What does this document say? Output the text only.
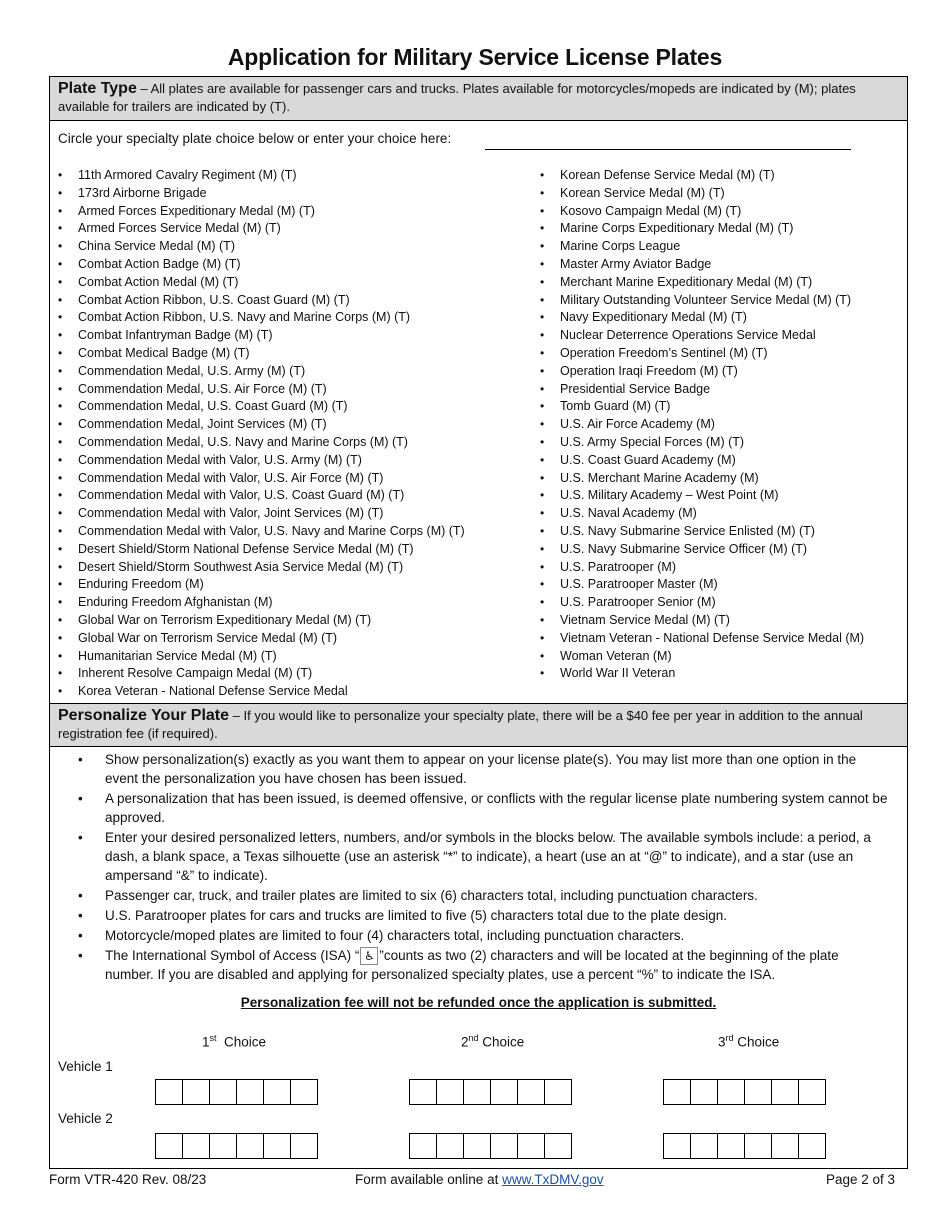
Application for Military Service License Plates
Plate Type – All plates are available for passenger cars and trucks. Plates available for motorcycles/mopeds are indicated by (M); plates available for trailers are indicated by (T).
Circle your specialty plate choice below or enter your choice here:
• 11th Armored Cavalry Regiment (M) (T)
• 173rd Airborne Brigade
• Armed Forces Expeditionary Medal (M) (T)
• Armed Forces Service Medal (M) (T)
• China Service Medal (M) (T)
• Combat Action Badge (M) (T)
• Combat Action Medal (M) (T)
• Combat Action Ribbon, U.S. Coast Guard (M) (T)
• Combat Action Ribbon, U.S. Navy and Marine Corps (M) (T)
• Combat Infantryman Badge (M) (T)
• Combat Medical Badge (M) (T)
• Commendation Medal, U.S. Army (M) (T)
• Commendation Medal, U.S. Air Force (M) (T)
• Commendation Medal, U.S. Coast Guard (M) (T)
• Commendation Medal, Joint Services (M) (T)
• Commendation Medal, U.S. Navy and Marine Corps (M) (T)
• Commendation Medal with Valor, U.S. Army (M) (T)
• Commendation Medal with Valor, U.S. Air Force (M) (T)
• Commendation Medal with Valor, U.S. Coast Guard (M) (T)
• Commendation Medal with Valor, Joint Services (M) (T)
• Commendation Medal with Valor, U.S. Navy and Marine Corps (M) (T)
• Desert Shield/Storm National Defense Service Medal (M) (T)
• Desert Shield/Storm Southwest Asia Service Medal (M) (T)
• Enduring Freedom (M)
• Enduring Freedom Afghanistan (M)
• Global War on Terrorism Expeditionary Medal (M) (T)
• Global War on Terrorism Service Medal (M) (T)
• Humanitarian Service Medal (M) (T)
• Inherent Resolve Campaign Medal (M) (T)
• Korea Veteran - National Defense Service Medal
• Korean Defense Service Medal (M) (T)
• Korean Service Medal (M) (T)
• Kosovo Campaign Medal (M) (T)
• Marine Corps Expeditionary Medal (M) (T)
• Marine Corps League
• Master Army Aviator Badge
• Merchant Marine Expeditionary Medal (M) (T)
• Military Outstanding Volunteer Service Medal (M) (T)
• Navy Expeditionary Medal (M) (T)
• Nuclear Deterrence Operations Service Medal
• Operation Freedom’s Sentinel (M) (T)
• Operation Iraqi Freedom (M) (T)
• Presidential Service Badge
• Tomb Guard (M) (T)
• U.S. Air Force Academy (M)
• U.S. Army Special Forces (M) (T)
• U.S. Coast Guard Academy (M)
• U.S. Merchant Marine Academy (M)
• U.S. Military Academy – West Point (M)
• U.S. Naval Academy (M)
• U.S. Navy Submarine Service Enlisted (M) (T)
• U.S. Navy Submarine Service Officer (M) (T)
• U.S. Paratrooper (M)
• U.S. Paratrooper Master (M)
• U.S. Paratrooper Senior (M)
• Vietnam Service Medal (M) (T)
• Vietnam Veteran - National Defense Service Medal (M)
• Woman Veteran (M)
• World War II Veteran
Personalize Your Plate – If you would like to personalize your specialty plate, there will be a $40 fee per year in addition to the annual registration fee (if required).
• Show personalization(s) exactly as you want them to appear on your license plate(s). You may list more than one option in the event the personalization you have chosen has been issued.
• A personalization that has been issued, is deemed offensive, or conflicts with the regular license plate numbering system cannot be approved.
• Enter your desired personalized letters, numbers, and/or symbols in the blocks below. The available symbols include: a period, a dash, a blank space, a Texas silhouette (use an asterisk “*” to indicate), a heart (use an at “@” to indicate), and a star (use an ampersand “&” to indicate).
• Passenger car, truck, and trailer plates are limited to six (6) characters total, including punctuation characters.
• U.S. Paratrooper plates for cars and trucks are limited to five (5) characters total due to the plate design.
• Motorcycle/moped plates are limited to four (4) characters total, including punctuation characters.
• The International Symbol of Access (ISA) “ ♿ ”counts as two (2) characters and will be located at the beginning of the plate number. If you are disabled and applying for personalized specialty plates, use a percent “%” to indicate the ISA.
Personalization fee will not be refunded once the application is submitted.
1st  Choice	2nd Choice	3rd Choice
Vehicle 1
Vehicle 2
Form VTR-420 Rev. 08/23	Form available online at www.TxDMV.gov	Page 2 of 3
